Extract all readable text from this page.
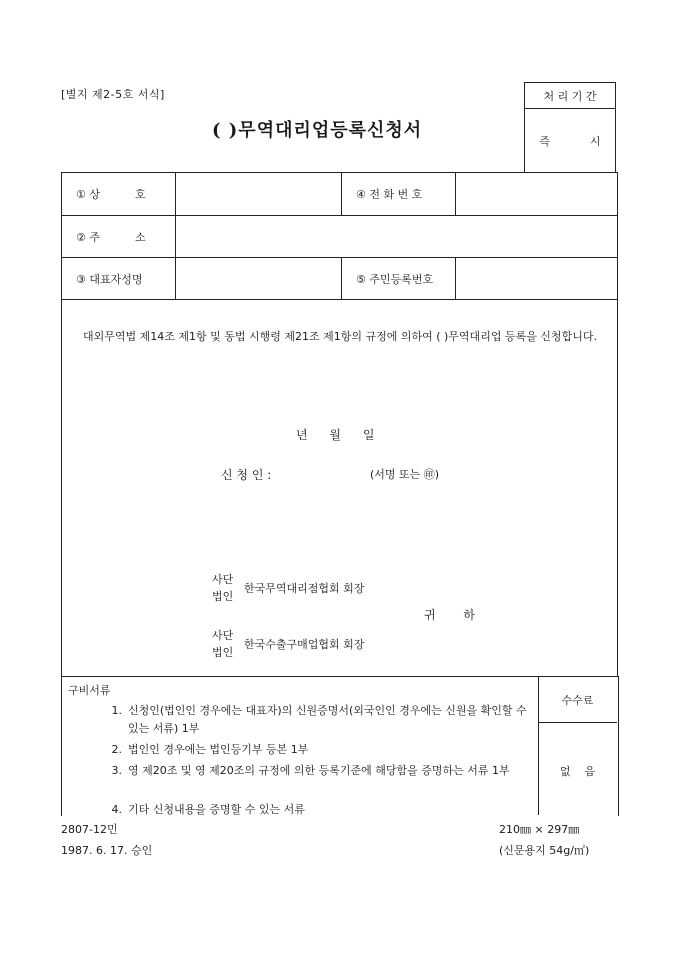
[별지 제2-5호 서식]
( )무역대리업등록신청서
처 리 기 간
즉	시
① 상          호		④ 전 화 번 호	
② 주          소			
③ 대표자성명		⑤ 주민등록번호	

대외무역법 제14조 제1항 및 동법 시행령 제21조 제1항의 규정에 의하여 ( )무역대리업 등록을 신청합니다.
년 월 일
신 청 인 :	(서명 또는 ㊞)
사단
법인
한국무역대리점협회 회장
귀 하
사단
법인
한국수출구매업협회 회장
구비서류
1. 신청인(법인인 경우에는 대표자)의 신원증명서(외국인인 경우에는 신원을 확인할 수 있는 서류) 1부
2. 법인인 경우에는 법인등기부 등본 1부
3. 영 제20조 및 영 제20조의 규정에 의한 등록기준에 해당함을 증명하는 서류 1부
4. 기타 신청내용을 증명할 수 있는 서류
수수료
없    음
2807-12민	210㎜ × 297㎜
1987. 6. 17. 승인	(신문용지 54g/㎡)
